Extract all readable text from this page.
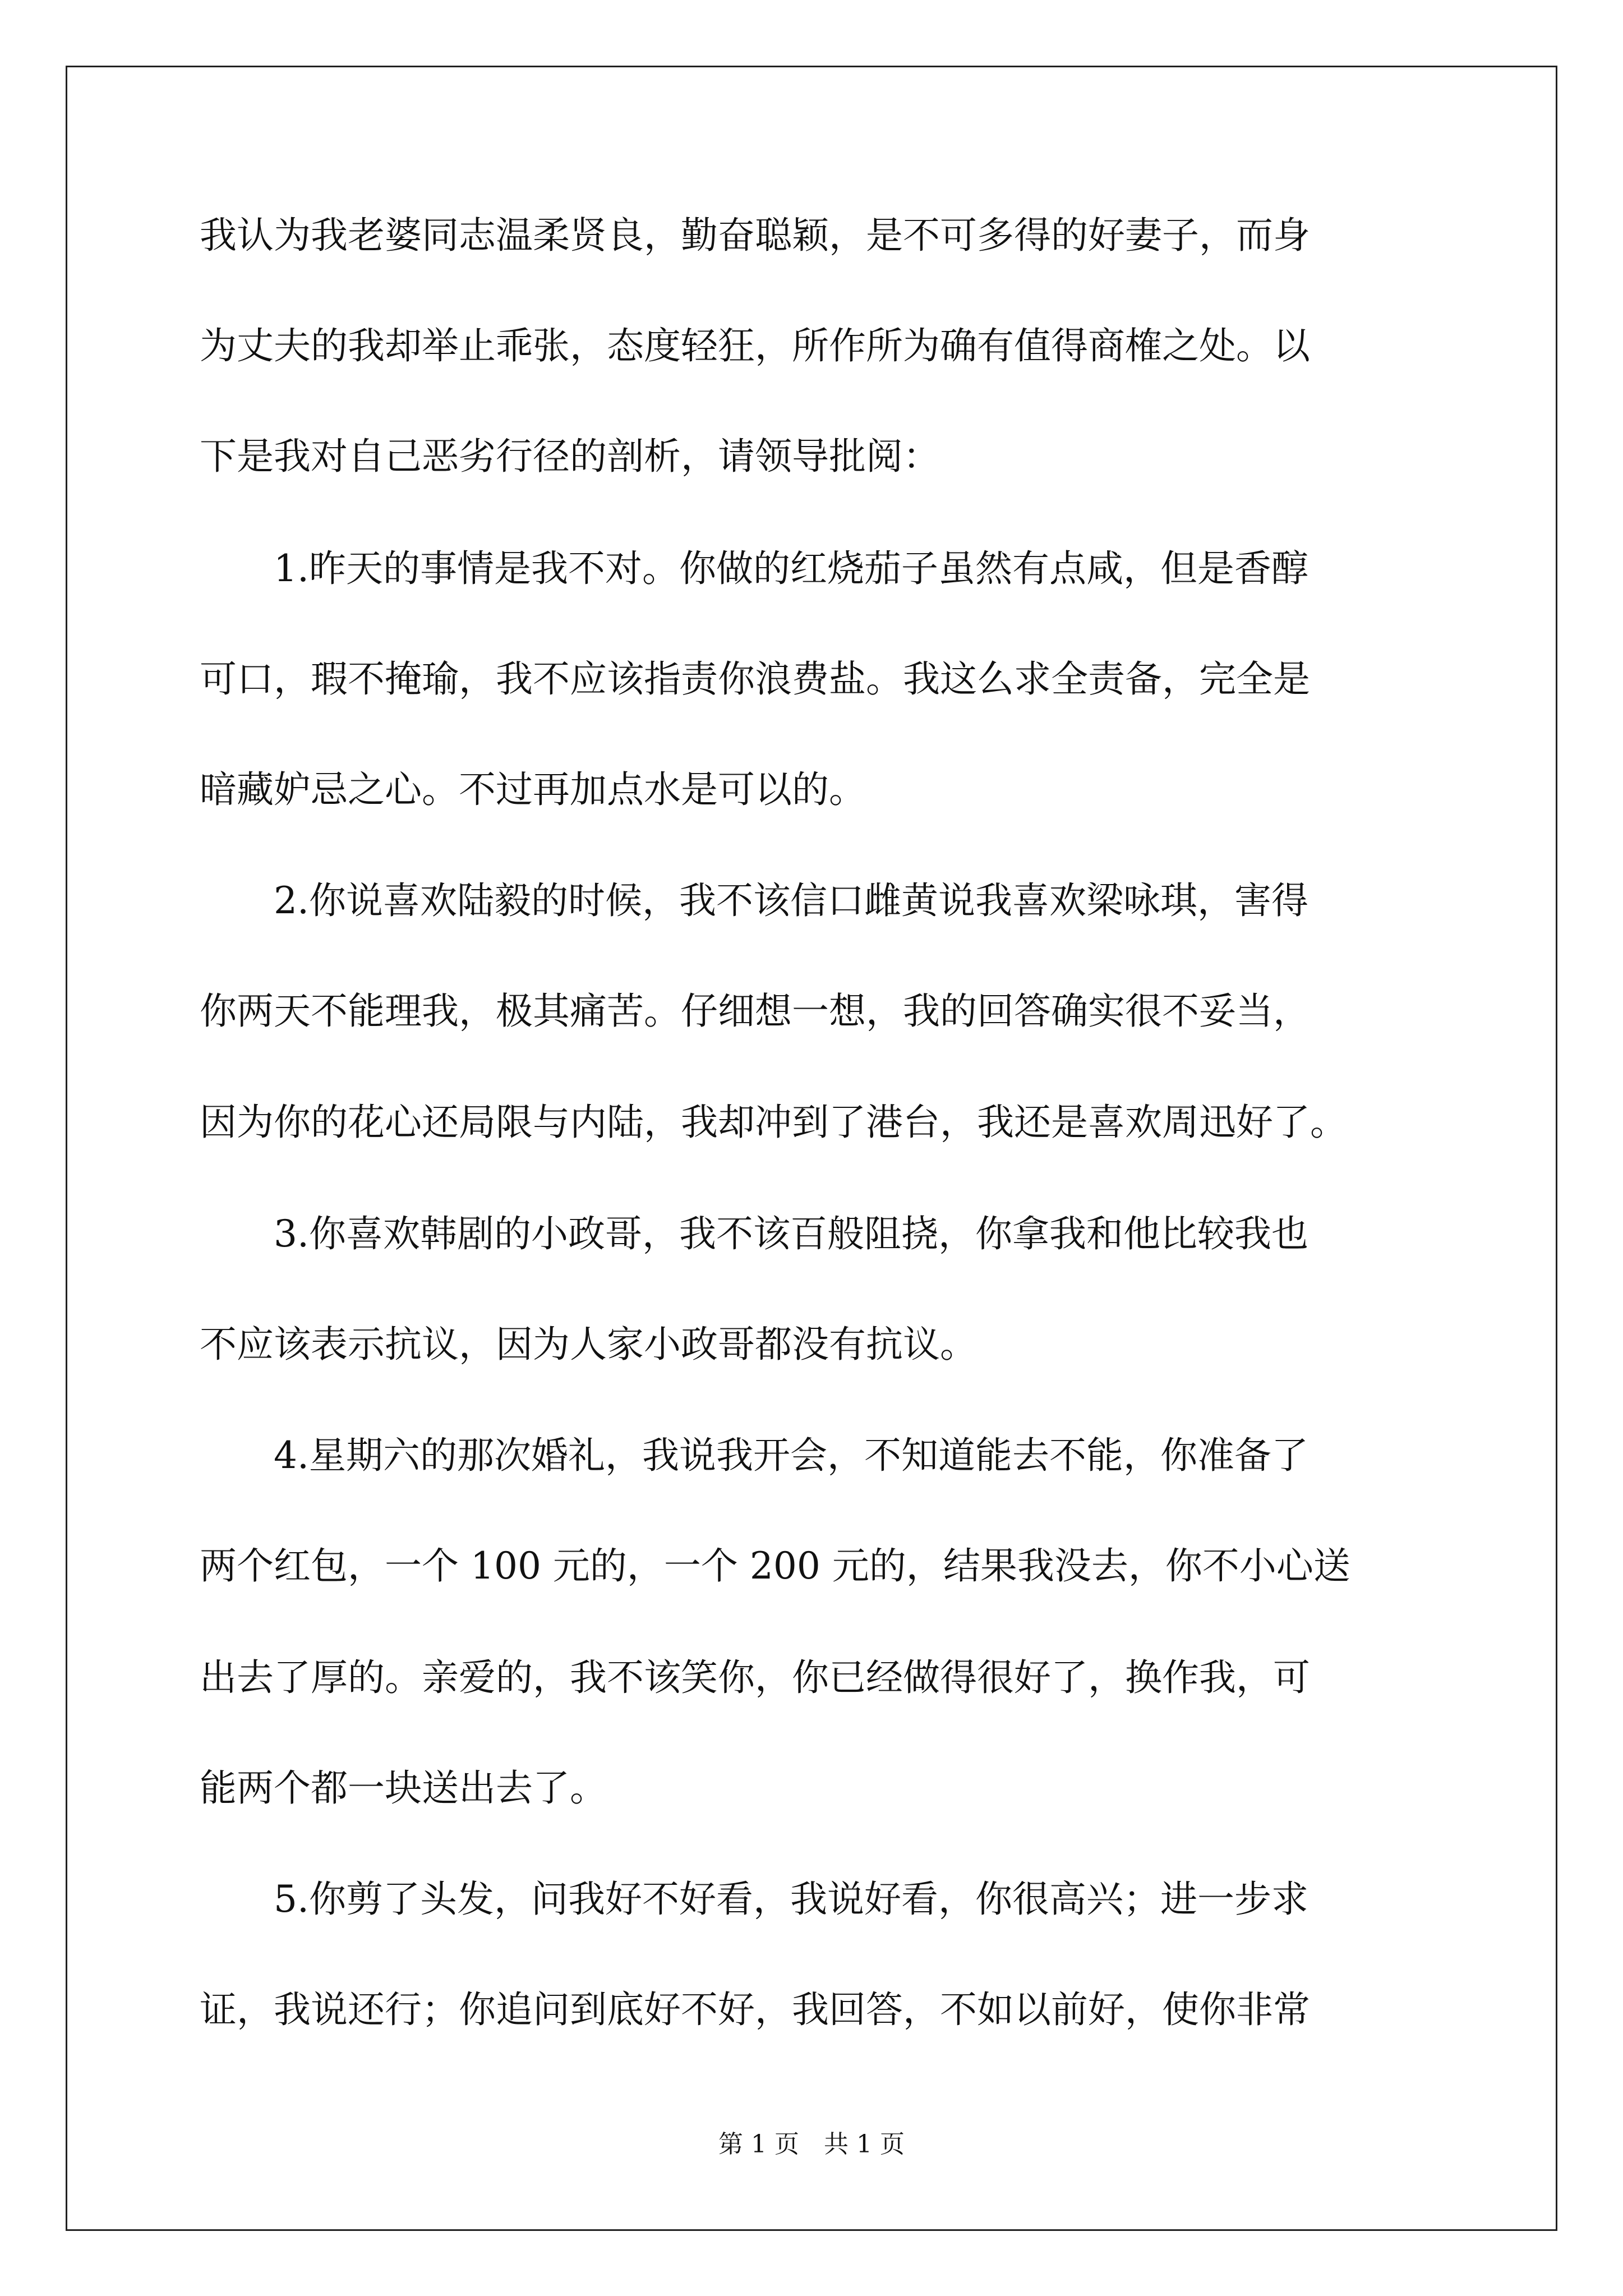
我认为我老婆同志温柔贤良，勤奋聪颖，是不可多得的好妻子，而身
为丈夫的我却举止乖张，态度轻狂，所作所为确有值得商榷之处。以
下是我对自己恶劣行径的剖析，请领导批阅：
　　1.昨天的事情是我不对。你做的红烧茄子虽然有点咸，但是香醇
可口，瑕不掩瑜，我不应该指责你浪费盐。我这么求全责备，完全是
暗藏妒忌之心。不过再加点水是可以的。
　　2.你说喜欢陆毅的时候，我不该信口雌黄说我喜欢梁咏琪，害得
你两天不能理我，极其痛苦。仔细想一想，我的回答确实很不妥当，
因为你的花心还局限与内陆，我却冲到了港台，我还是喜欢周迅好了。
　　3.你喜欢韩剧的小政哥，我不该百般阻挠，你拿我和他比较我也
不应该表示抗议，因为人家小政哥都没有抗议。
　　4.星期六的那次婚礼，我说我开会，不知道能去不能，你准备了
两个红包，一个 100 元的，一个 200 元的，结果我没去，你不小心送
出去了厚的。亲爱的，我不该笑你，你已经做得很好了，换作我，可
能两个都一块送出去了。
　　5.你剪了头发，问我好不好看，我说好看，你很高兴；进一步求
证，我说还行；你追问到底好不好，我回答，不如以前好，使你非常
第 1 页　共 1 页
